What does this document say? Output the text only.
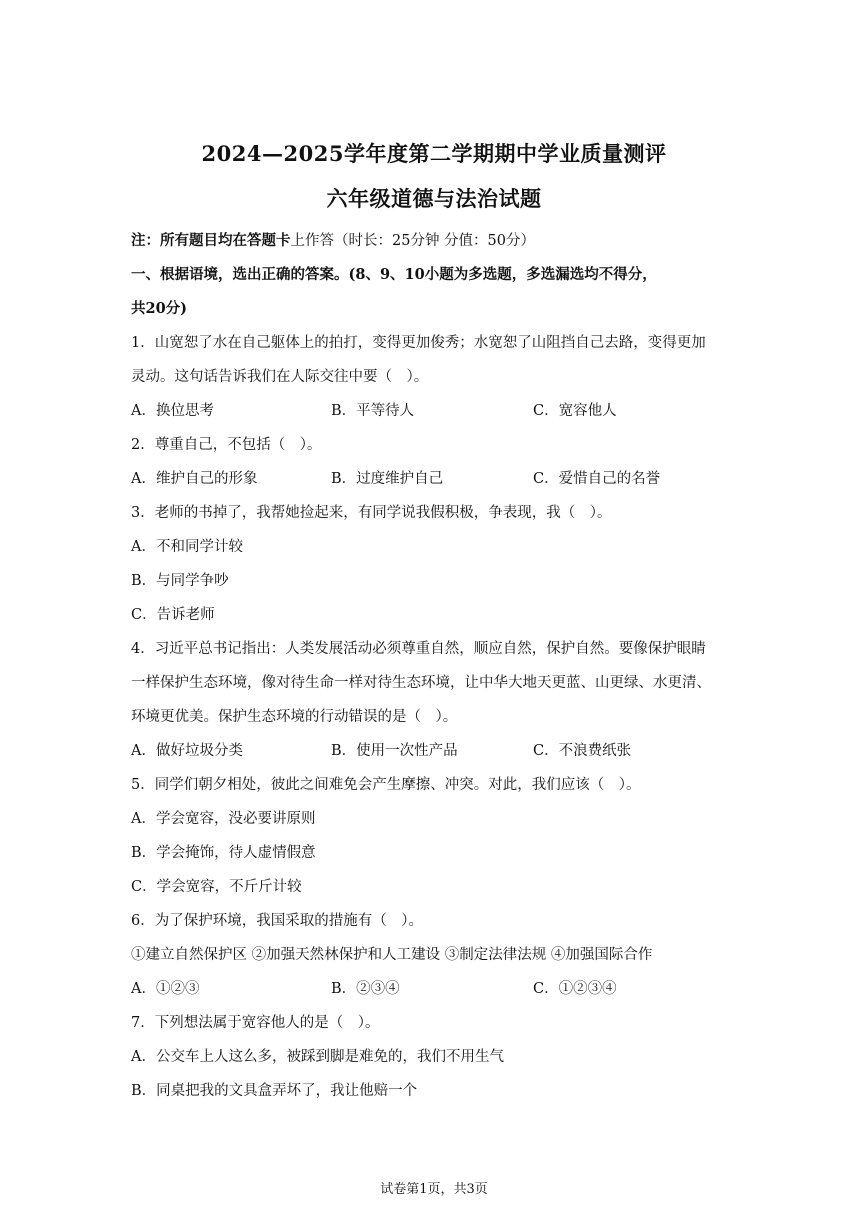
2024—2025学年度第二学期期中学业质量测评
六年级道德与法治试题
注：所有题目均在答题卡上作答（时长：25分钟 分值：50分）
一、根据语境，选出正确的答案。(8、9、10小题为多选题，多选漏选均不得分，
共20分)
1．山宽恕了水在自己躯体上的拍打，变得更加俊秀；水宽恕了山阻挡自己去路，变得更加
灵动。这句话告诉我们在人际交往中要（　）。
A．换位思考	B．平等待人	C．宽容他人
2．尊重自己，不包括（　）。
A．维护自己的形象	B．过度维护自己	C．爱惜自己的名誉
3．老师的书掉了，我帮她捡起来，有同学说我假积极，争表现，我（　）。
A．不和同学计较
B．与同学争吵
C．告诉老师
4．习近平总书记指出：人类发展活动必须尊重自然，顺应自然，保护自然。要像保护眼睛
一样保护生态环境，像对待生命一样对待生态环境，让中华大地天更蓝、山更绿、水更清、
环境更优美。保护生态环境的行动错误的是（　）。
A．做好垃圾分类	B．使用一次性产品	C．不浪费纸张
5．同学们朝夕相处，彼此之间难免会产生摩擦、冲突。对此，我们应该（　）。
A．学会宽容，没必要讲原则
B．学会掩饰，待人虚情假意
C．学会宽容，不斤斤计较
6．为了保护环境，我国采取的措施有（　）。
①建立自然保护区 ②加强天然林保护和人工建设 ③制定法律法规 ④加强国际合作
A．①②③	B．②③④	C．①②③④
7．下列想法属于宽容他人的是（　）。
A．公交车上人这么多，被踩到脚是难免的，我们不用生气
B．同桌把我的文具盒弄坏了，我让他赔一个
试卷第1页，共3页
